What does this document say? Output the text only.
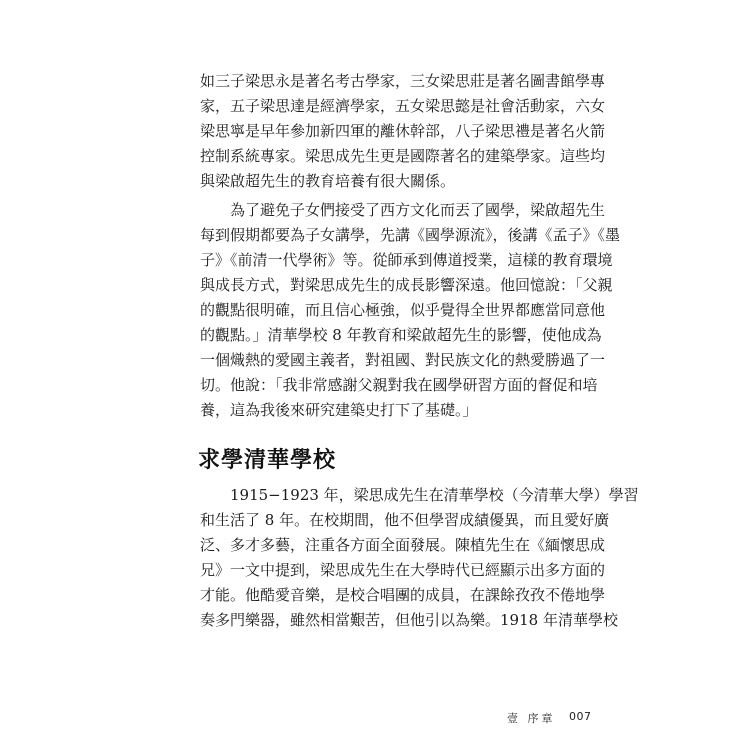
如三子梁思永是著名考古學家，三女梁思莊是著名圖書館學專
家，五子梁思達是經濟學家，五女梁思懿是社會活動家，六女
梁思寧是早年參加新四軍的離休幹部，八子梁思禮是著名火箭
控制系統專家。梁思成先生更是國際著名的建築學家。這些均
與梁啟超先生的教育培養有很大關係。
　　為了避免子女們接受了西方文化而丟了國學，梁啟超先生
每到假期都要為子女講學，先講《國學源流》，後講《孟子》《墨
子》《前清一代學術》等。從師承到傳道授業，這樣的教育環境
與成長方式，對梁思成先生的成長影響深遠。他回憶說：「父親
的觀點很明確，而且信心極強，似乎覺得全世界都應當同意他
的觀點。」清華學校 8 年教育和梁啟超先生的影響，使他成為
一個熾熱的愛國主義者，對祖國、對民族文化的熱愛勝過了一
切。他說：「我非常感謝父親對我在國學研習方面的督促和培
養，這為我後來研究建築史打下了基礎。」
求學清華學校
　　1915−1923 年，梁思成先生在清華學校（今清華大學）學習
和生活了 8 年。在校期間，他不但學習成績優異，而且愛好廣
泛、多才多藝，注重各方面全面發展。陳植先生在《緬懷思成
兄》一文中提到，梁思成先生在大學時代已經顯示出多方面的
才能。他酷愛音樂，是校合唱團的成員，在課餘孜孜不倦地學
奏多門樂器，雖然相當艱苦，但他引以為樂。1918 年清華學校
壹 序章 007
